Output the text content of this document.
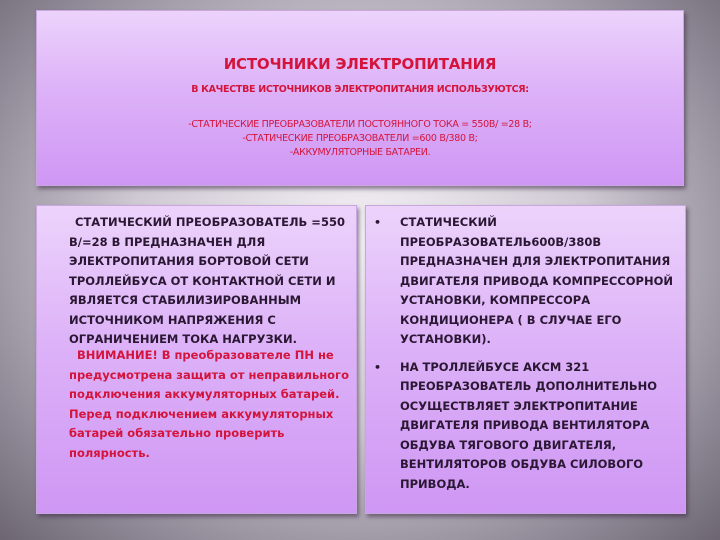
ИСТОЧНИКИ ЭЛЕКТРОПИТАНИЯ
В КАЧЕСТВЕ ИСТОЧНИКОВ ЭЛЕКТРОПИТАНИЯ ИСПОЛЬЗУЮТСЯ:
-СТАТИЧЕСКИЕ ПРЕОБРАЗОВАТЕЛИ ПОСТОЯННОГО ТОКА = 550В/ =28 В;
-СТАТИЧЕСКИЕ ПРЕОБРАЗОВАТЕЛИ =600 В/380 В;
-АККУМУЛЯТОРНЫЕ БАТАРЕИ.

СТАТИЧЕСКИЙ ПРЕОБРАЗОВАТЕЛЬ =550 В/=28 В ПРЕДНАЗНАЧЕН ДЛЯ ЭЛЕКТРОПИТАНИЯ БОРТОВОЙ СЕТИ ТРОЛЛЕЙБУСА ОТ КОНТАКТНОЙ СЕТИ И ЯВЛЯЕТСЯ СТАБИЛИЗИРОВАННЫМ ИСТОЧНИКОМ НАПРЯЖЕНИЯ С ОГРАНИЧЕНИЕМ ТОКА НАГРУЗКИ.

ВНИМАНИЕ! В преобразователе ПН не предусмотрена защита от неправильного подключения аккумуляторных батарей. Перед подключением аккумуляторных батарей обязательно проверить полярность.

• СТАТИЧЕСКИЙ ПРЕОБРАЗОВАТЕЛЬ600В/380В ПРЕДНАЗНАЧЕН ДЛЯ ЭЛЕКТРОПИТАНИЯ ДВИГАТЕЛЯ ПРИВОДА КОМПРЕССОРНОЙ УСТАНОВКИ, КОМПРЕССОРА КОНДИЦИОНЕРА ( В СЛУЧАЕ ЕГО УСТАНОВКИ).
• НА ТРОЛЛЕЙБУСЕ АКСМ 321 ПРЕОБРАЗОВАТЕЛЬ ДОПОЛНИТЕЛЬНО ОСУЩЕСТВЛЯЕТ ЭЛЕКТРОПИТАНИЕ ДВИГАТЕЛЯ ПРИВОДА ВЕНТИЛЯТОРА ОБДУВА ТЯГОВОГО ДВИГАТЕЛЯ, ВЕНТИЛЯТОРОВ ОБДУВА СИЛОВОГО ПРИВОДА.
